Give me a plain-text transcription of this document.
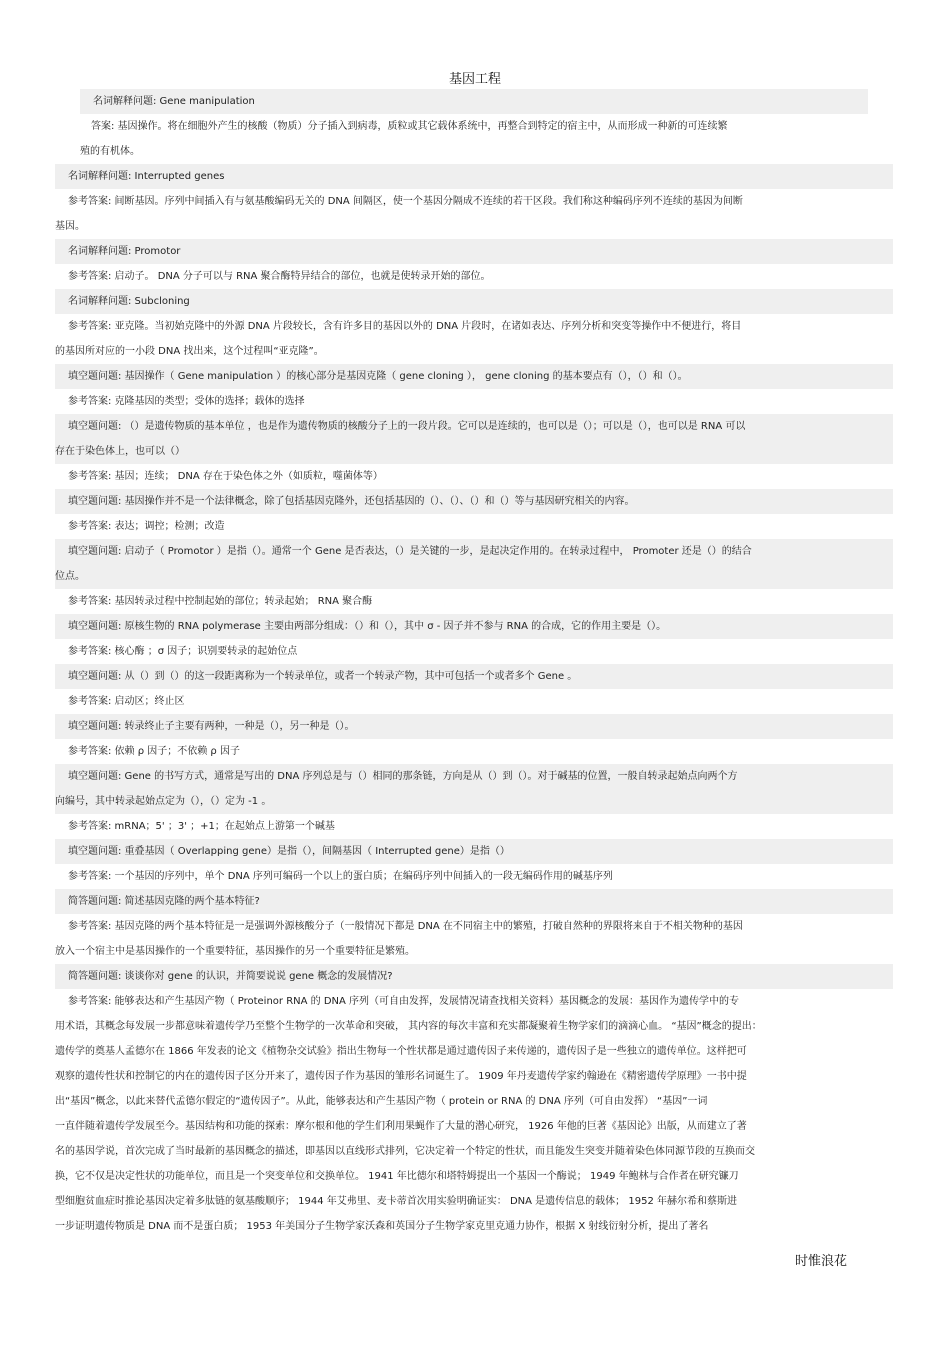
基因工程
名词解释问题: Gene manipulation
答案: 基因操作。将在细胞外产生的核酸（物质）分子插入到病毒，质粒或其它载体系统中，再整合到特定的宿主中，从而形成一种新的可连续繁
殖的有机体。
名词解释问题: Interrupted genes
参考答案: 间断基因。序列中间插入有与氨基酸编码无关的 DNA 间隔区，使一个基因分隔成不连续的若干区段。我们称这种编码序列不连续的基因为间断
基因。
名词解释问题: Promotor
参考答案: 启动子。 DNA 分子可以与 RNA 聚合酶特异结合的部位，也就是使转录开始的部位。
名词解释问题: Subcloning
参考答案: 亚克隆。当初始克隆中的外源 DNA 片段较长，含有许多目的基因以外的 DNA 片段时，在诸如表达、序列分析和突变等操作中不便进行，将目
的基因所对应的一小段 DNA 找出来，这个过程叫“亚克隆”。
填空题问题: 基因操作（ Gene manipulation ）的核心部分是基因克隆（ gene cloning ）， gene cloning 的基本要点有（），（）和（）。
参考答案: 克隆基因的类型；受体的选择；载体的选择
填空题问题: （）是遗传物质的基本单位 ，也是作为遗传物质的核酸分子上的一段片段。它可以是连续的，也可以是（）；可以是（），也可以是 RNA 可以
存在于染色体上，也可以（）
参考答案: 基因；连续； DNA 存在于染色体之外（如质粒，噬菌体等）
填空题问题: 基因操作并不是一个法律概念，除了包括基因克隆外，还包括基因的（）、（）、（）和（）等与基因研究相关的内容。
参考答案: 表达；调控；检测；改造
填空题问题: 启动子（ Promotor ）是指（）。通常一个 Gene 是否表达，（）是关键的一步，是起决定作用的。在转录过程中， Promoter 还是（）的结合
位点。
参考答案: 基因转录过程中控制起始的部位；转录起始； RNA 聚合酶
填空题问题: 原核生物的 RNA polymerase 主要由两部分组成：（）和（），其中 σ - 因子并不参与 RNA 的合成，它的作用主要是（）。
参考答案: 核心酶 ；σ 因子；识别要转录的起始位点
填空题问题: 从（）到（）的这一段距离称为一个转录单位，或者一个转录产物，其中可包括一个或者多个 Gene 。
参考答案: 启动区；终止区
填空题问题: 转录终止子主要有两种，一种是（），另一种是（）。
参考答案: 依赖 ρ 因子；不依赖 ρ 因子
填空题问题: Gene 的书写方式，通常是写出的 DNA 序列总是与（）相同的那条链，方向是从（）到（）。对于碱基的位置，一般自转录起始点向两个方
向编号，其中转录起始点定为（），（）定为 -1 。
参考答案: mRNA；5' ；3' ；+1；在起始点上游第一个碱基
填空题问题: 重叠基因（ Overlapping gene）是指（），间隔基因（ Interrupted gene）是指（）
参考答案: 一个基因的序列中，单个 DNA 序列可编码一个以上的蛋白质；在编码序列中间插入的一段无编码作用的碱基序列
简答题问题: 简述基因克隆的两个基本特征?
参考答案: 基因克隆的两个基本特征是一是强调外源核酸分子（一般情况下都是 DNA 在不同宿主中的繁殖，打破自然种的界限将来自于不相关物种的基因
放入一个宿主中是基因操作的一个重要特征，基因操作的另一个重要特征是繁殖。
简答题问题: 谈谈你对 gene 的认识，并简要说说 gene 概念的发展情况?
参考答案: 能够表达和产生基因产物（ Proteinor RNA 的 DNA 序列（可自由发挥，发展情况请查找相关资料）基因概念的发展：基因作为遗传学中的专
用术语，其概念每发展一步都意味着遗传学乃至整个生物学的一次革命和突破， 其内容的每次丰富和充实都凝聚着生物学家们的滴滴心血。 “基因”概念的提出：
遗传学的奠基人孟德尔在 1866 年发表的论文《植物杂交试验》指出生物每一个性状都是通过遗传因子来传递的，遗传因子是一些独立的遗传单位。这样把可
观察的遗传性状和控制它的内在的遗传因子区分开来了，遗传因子作为基因的雏形名词诞生了。 1909 年丹麦遗传学家约翰逊在《精密遗传学原理》一书中提
出“基因”概念，以此来替代孟德尔假定的“遗传因子”。从此，能够表达和产生基因产物（ protein or RNA 的 DNA 序列（可自由发挥） “基因”一词
一直伴随着遗传学发展至今。基因结构和功能的探索：摩尔根和他的学生们利用果蝇作了大量的潜心研究， 1926 年他的巨著《基因论》出版，从而建立了著
名的基因学说，首次完成了当时最新的基因概念的描述，即基因以直线形式排列，它决定着一个特定的性状，而且能发生突变并随着染色体同源节段的互换而交
换，它不仅是决定性状的功能单位，而且是一个突变单位和交换单位。 1941 年比德尔和塔特姆提出一个基因一个酶说； 1949 年鲍林与合作者在研究镰刀
型细胞贫血症时推论基因决定着多肽链的氨基酸顺序； 1944 年艾弗里、麦卡蒂首次用实验明确证实： DNA 是遗传信息的载体； 1952 年赫尔希和蔡斯进
一步证明遗传物质是 DNA 而不是蛋白质； 1953 年美国分子生物学家沃森和英国分子生物学家克里克通力协作，根据 X 射线衍射分析，提出了著名
时惟浪花
